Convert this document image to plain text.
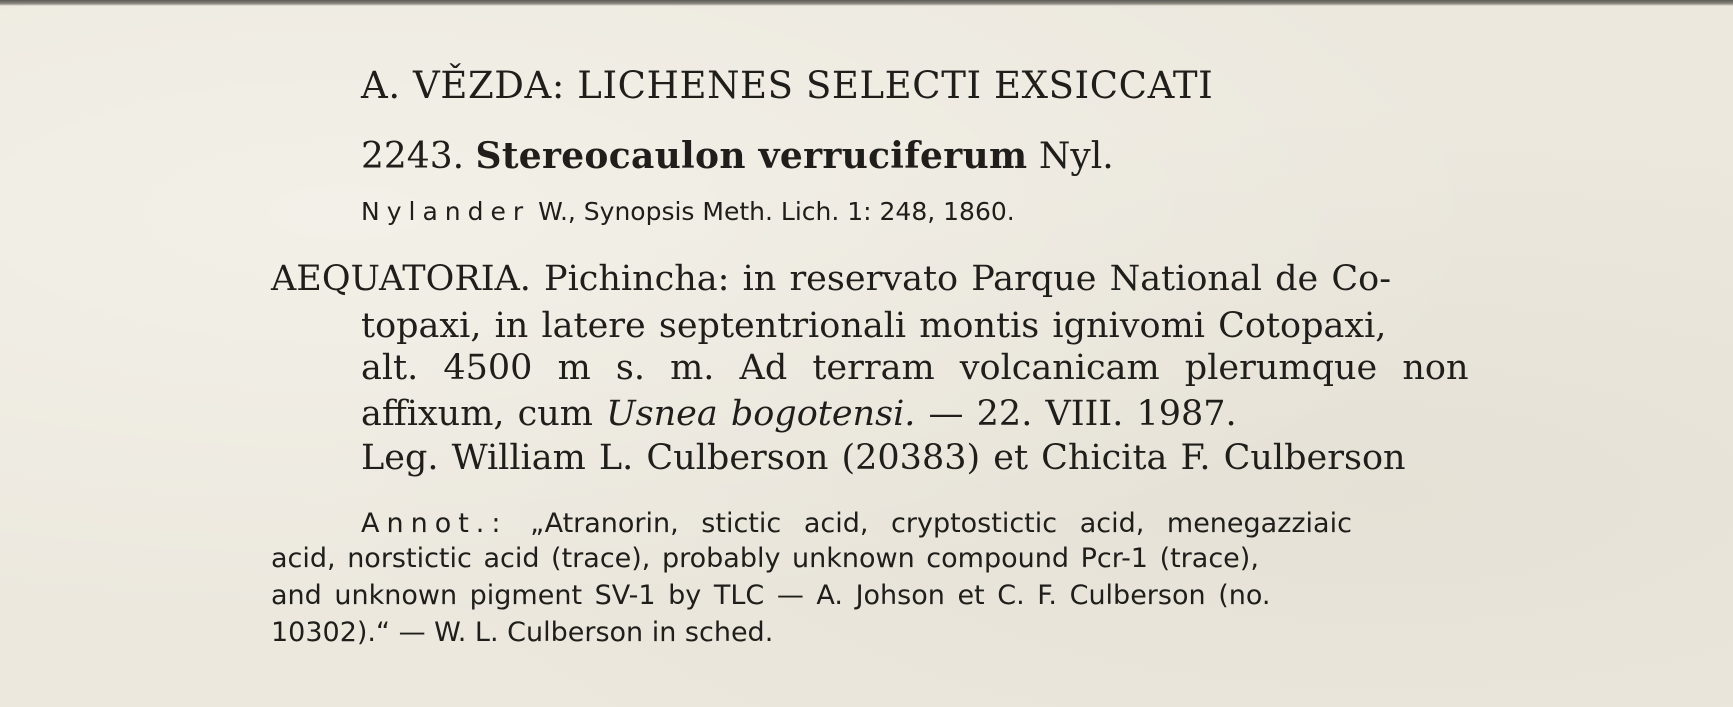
A. VĚZDA: LICHENES SELECTI EXSICCATI
2243. Stereocaulon verruciferum Nyl.
Nylander W., Synopsis Meth. Lich. 1: 248, 1860.
AEQUATORIA. Pichincha: in reservato Parque National de Co-
topaxi, in latere septentrionali montis ignivomi Cotopaxi,
alt. 4500 m s. m. Ad terram volcanicam plerumque non
affixum, cum Usnea bogotensi. — 22. VIII. 1987.
Leg. William L. Culberson (20383) et Chicita F. Culberson
Annot.: „Atranorin, stictic acid, cryptostictic acid, menegazziaic
acid, norstictic acid (trace), probably unknown compound Pcr-1 (trace),
and unknown pigment SV-1 by TLC — A. Johson et C. F. Culberson (no.
10302).“ — W. L. Culberson in sched.
